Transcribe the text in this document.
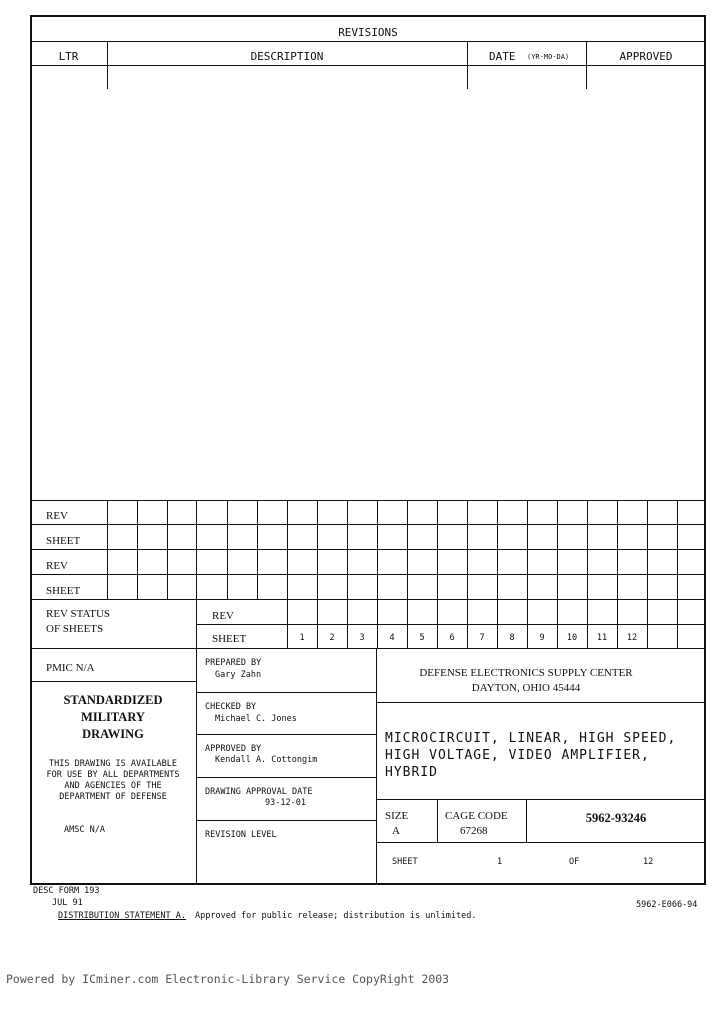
REVISIONS
LTR	DESCRIPTION	DATE (YR-MO-DA)	APPROVED
REV
SHEET
REV
SHEET
REV STATUS
OF SHEETS
REV
SHEET	1	2	3	4	5	6	7	8	9	10	11	12
PMIC N/A
STANDARDIZED
MILITARY
DRAWING
THIS DRAWING IS AVAILABLE
FOR USE BY ALL DEPARTMENTS
AND AGENCIES OF THE
DEPARTMENT OF DEFENSE
AMSC N/A
PREPARED BY
Gary Zahn
CHECKED BY
Michael C. Jones
APPROVED BY
Kendall A. Cottongim
DRAWING APPROVAL DATE
93-12-01
REVISION LEVEL
DEFENSE ELECTRONICS SUPPLY CENTER
DAYTON, OHIO 45444
MICROCIRCUIT, LINEAR, HIGH SPEED,
HIGH VOLTAGE, VIDEO AMPLIFIER,
HYBRID
SIZE
A
CAGE CODE
67268
5962-93246
SHEET	1	OF	12
DESC FORM 193
JUL 91	5962-E066-94
DISTRIBUTION STATEMENT A. Approved for public release; distribution is unlimited.
Powered by ICminer.com Electronic-Library Service CopyRight 2003
